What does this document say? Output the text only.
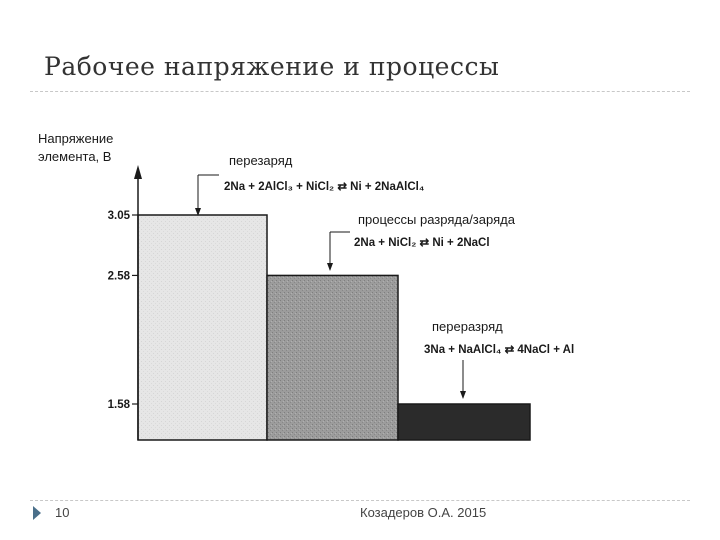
Рабочее напряжение и процессы
3.05
2.58
1.58
Напряжение
элемента, В	перезаряд
2Na + 2AlCl₃ + NiCl₂ ⇄ Ni + 2NaAlCl₄
процессы разряда/заряда
2Na + NiCl₂ ⇄ Ni + 2NaCl
переразряд
3Na + NaAlCl₄ ⇄ 4NaCl + Al
10	Козадеров О.А. 2015
